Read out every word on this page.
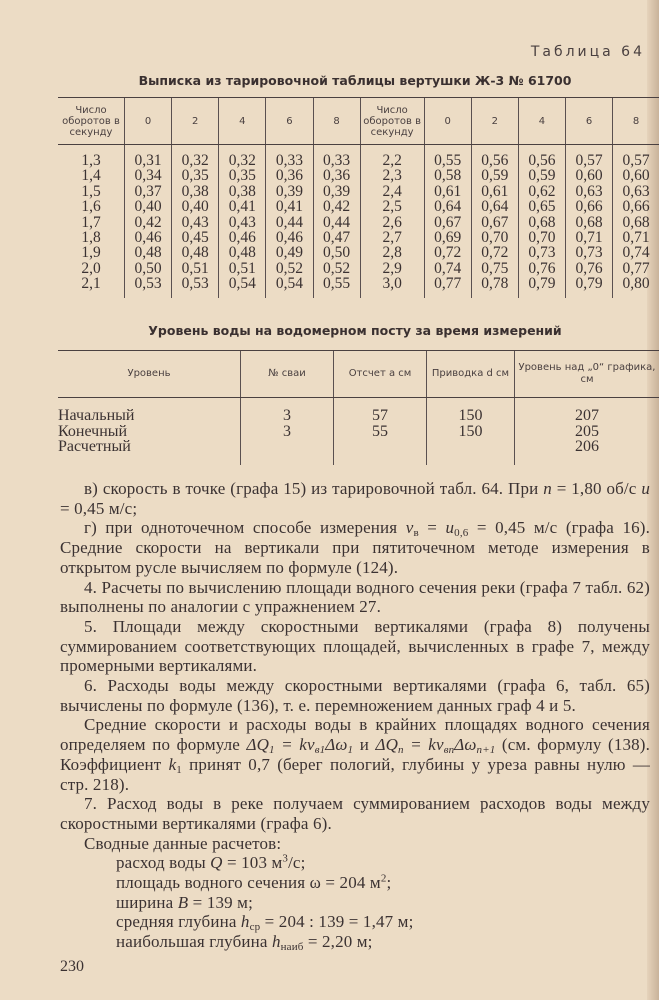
Таблица 64
Выписка из тарировочной таблицы вертушки Ж-3 № 61700
Число оборотов в секунду	0	2	4	6	8	Число оборотов в секунду	0	2	4	6	8

1,3	0,31	0,32	0,32	0,33	0,33	2,2	0,55	0,56	0,56	0,57	0,57
1,4	0,34	0,35	0,35	0,36	0,36	2,3	0,58	0,59	0,59	0,60	0,60
1,5	0,37	0,38	0,38	0,39	0,39	2,4	0,61	0,61	0,62	0,63	0,63
1,6	0,40	0,40	0,41	0,41	0,42	2,5	0,64	0,64	0,65	0,66	0,66
1,7	0,42	0,43	0,43	0,44	0,44	2,6	0,67	0,67	0,68	0,68	0,68
1,8	0,46	0,45	0,46	0,46	0,47	2,7	0,69	0,70	0,70	0,71	0,71
1,9	0,48	0,48	0,48	0,49	0,50	2,8	0,72	0,72	0,73	0,73	0,74
2,0	0,50	0,51	0,51	0,52	0,52	2,9	0,74	0,75	0,76	0,76	0,77
2,1	0,53	0,53	0,54	0,54	0,55	3,0	0,77	0,78	0,79	0,79	0,80

Уровень воды на водомерном посту за время измерений
Уровень	№ сваи	Отсчет a см	Приводка d см	Уровень над „0“ графика, см

Начальный	3	57	150	207
Конечный	3	55	150	205
Расчетный				206

в) скорость в точке (графа 15) из тарировочной табл. 64. При n = 1,80 об/с u = 0,45 м/с;

г) при одноточечном способе измерения $v_в = u_{0,6} = 0,45$ м/с (графа 16). Средние скорости на вертикали при пятиточечном методе измерения в открытом русле вычисляем по формуле (124).

4. Расчеты по вычислению площади водного сечения реки (графа 7 табл. 62) выполнены по аналогии с упражнением 27.

5. Площади между скоростными вертикалями (графа 8) получены суммированием соответствующих площадей, вычисленных в графе 7, между промерными вертикалями.

6. Расходы воды между скоростными вертикалями (графа 6, табл. 65) вычислены по формуле (136), т. е. перемножением данных граф 4 и 5.

Средние скорости и расходы воды в крайних площадях водного сечения определяем по формуле $\Delta Q_1 = kv_{в1}\Delta\omega_1$ и $\Delta Q_n = kv_{вn}\Delta\omega_{n+1}$ (см. формулу (138). Коэффициент $k_1$ принят 0,7 (берег пологий, глубины у уреза равны нулю — стр. 218).

7. Расход воды в реке получаем суммированием расходов воды между скоростными вертикалями (графа 6).

Сводные данные расчетов:

расход воды Q = 103 $м^3/с$;
площадь водного сечения ω = 204 $м^2$;
ширина B = 139 м;
средняя глубина $h_{ср} = 204$ : 139 = 1,47 м;
наибольшая глубина $h_{наиб} = 2,20$ м;
230
